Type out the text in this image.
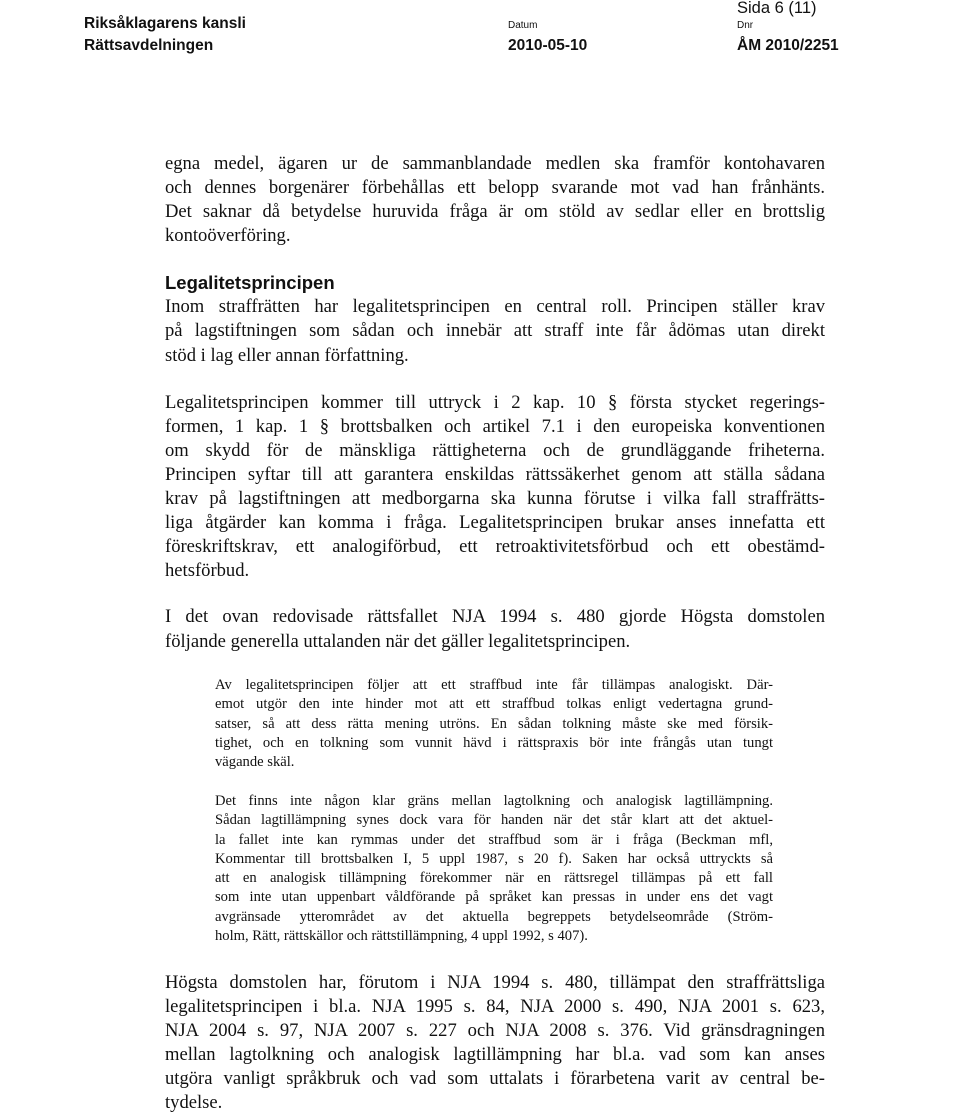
Riksåklagarens kansli
Rättsavdelningen
Datum
2010-05-10
Dnr
ÅM 2010/2251
Sida 6 (11)

egna medel, ägaren ur de sammanblandade medlen ska framför kontohavaren
och dennes borgenärer förbehållas ett belopp svarande mot vad han frånhänts.
Det saknar då betydelse huruvida fråga är om stöld av sedlar eller en brottslig
kontoöverföring.

Legalitetsprincipen

Inom straffrätten har legalitetsprincipen en central roll. Principen ställer krav
på lagstiftningen som sådan och innebär att straff inte får ådömas utan direkt
stöd i lag eller annan författning.

Legalitetsprincipen kommer till uttryck i 2 kap. 10 § första stycket regerings-
formen, 1 kap. 1 § brottsbalken och artikel 7.1 i den europeiska konventionen
om skydd för de mänskliga rättigheterna och de grundläggande friheterna.
Principen syftar till att garantera enskildas rättssäkerhet genom att ställa sådana
krav på lagstiftningen att medborgarna ska kunna förutse i vilka fall straffrätts-
liga åtgärder kan komma i fråga. Legalitetsprincipen brukar anses innefatta ett
föreskriftskrav, ett analogiförbud, ett retroaktivitetsförbud och ett obestämd-
hetsförbud.

I det ovan redovisade rättsfallet NJA 1994 s. 480 gjorde Högsta domstolen
följande generella uttalanden när det gäller legalitetsprincipen.

Av legalitetsprincipen följer att ett straffbud inte får tillämpas analogiskt. Där-
emot utgör den inte hinder mot att ett straffbud tolkas enligt vedertagna grund-
satser, så att dess rätta mening utröns. En sådan tolkning måste ske med försik-
tighet, och en tolkning som vunnit hävd i rättspraxis bör inte frångås utan tungt
vägande skäl.

Det finns inte någon klar gräns mellan lagtolkning och analogisk lagtillämpning.
Sådan lagtillämpning synes dock vara för handen när det står klart att det aktuel-
la fallet inte kan rymmas under det straffbud som är i fråga (Beckman mfl,
Kommentar till brottsbalken I, 5 uppl 1987, s 20 f). Saken har också uttryckts så
att en analogisk tillämpning förekommer när en rättsregel tillämpas på ett fall
som inte utan uppenbart våldförande på språket kan pressas in under ens det vagt
avgränsade ytterområdet av det aktuella begreppets betydelseområde (Ström-
holm, Rätt, rättskällor och rättstillämpning, 4 uppl 1992, s 407).

Högsta domstolen har, förutom i NJA 1994 s. 480, tillämpat den straffrättsliga
legalitetsprincipen i bl.a. NJA 1995 s. 84, NJA 2000 s. 490, NJA 2001 s. 623,
NJA 2004 s. 97, NJA 2007 s. 227 och NJA 2008 s. 376. Vid gränsdragningen
mellan lagtolkning och analogisk lagtillämpning har bl.a. vad som kan anses
utgöra vanligt språkbruk och vad som uttalats i förarbetena varit av central be-
tydelse.
